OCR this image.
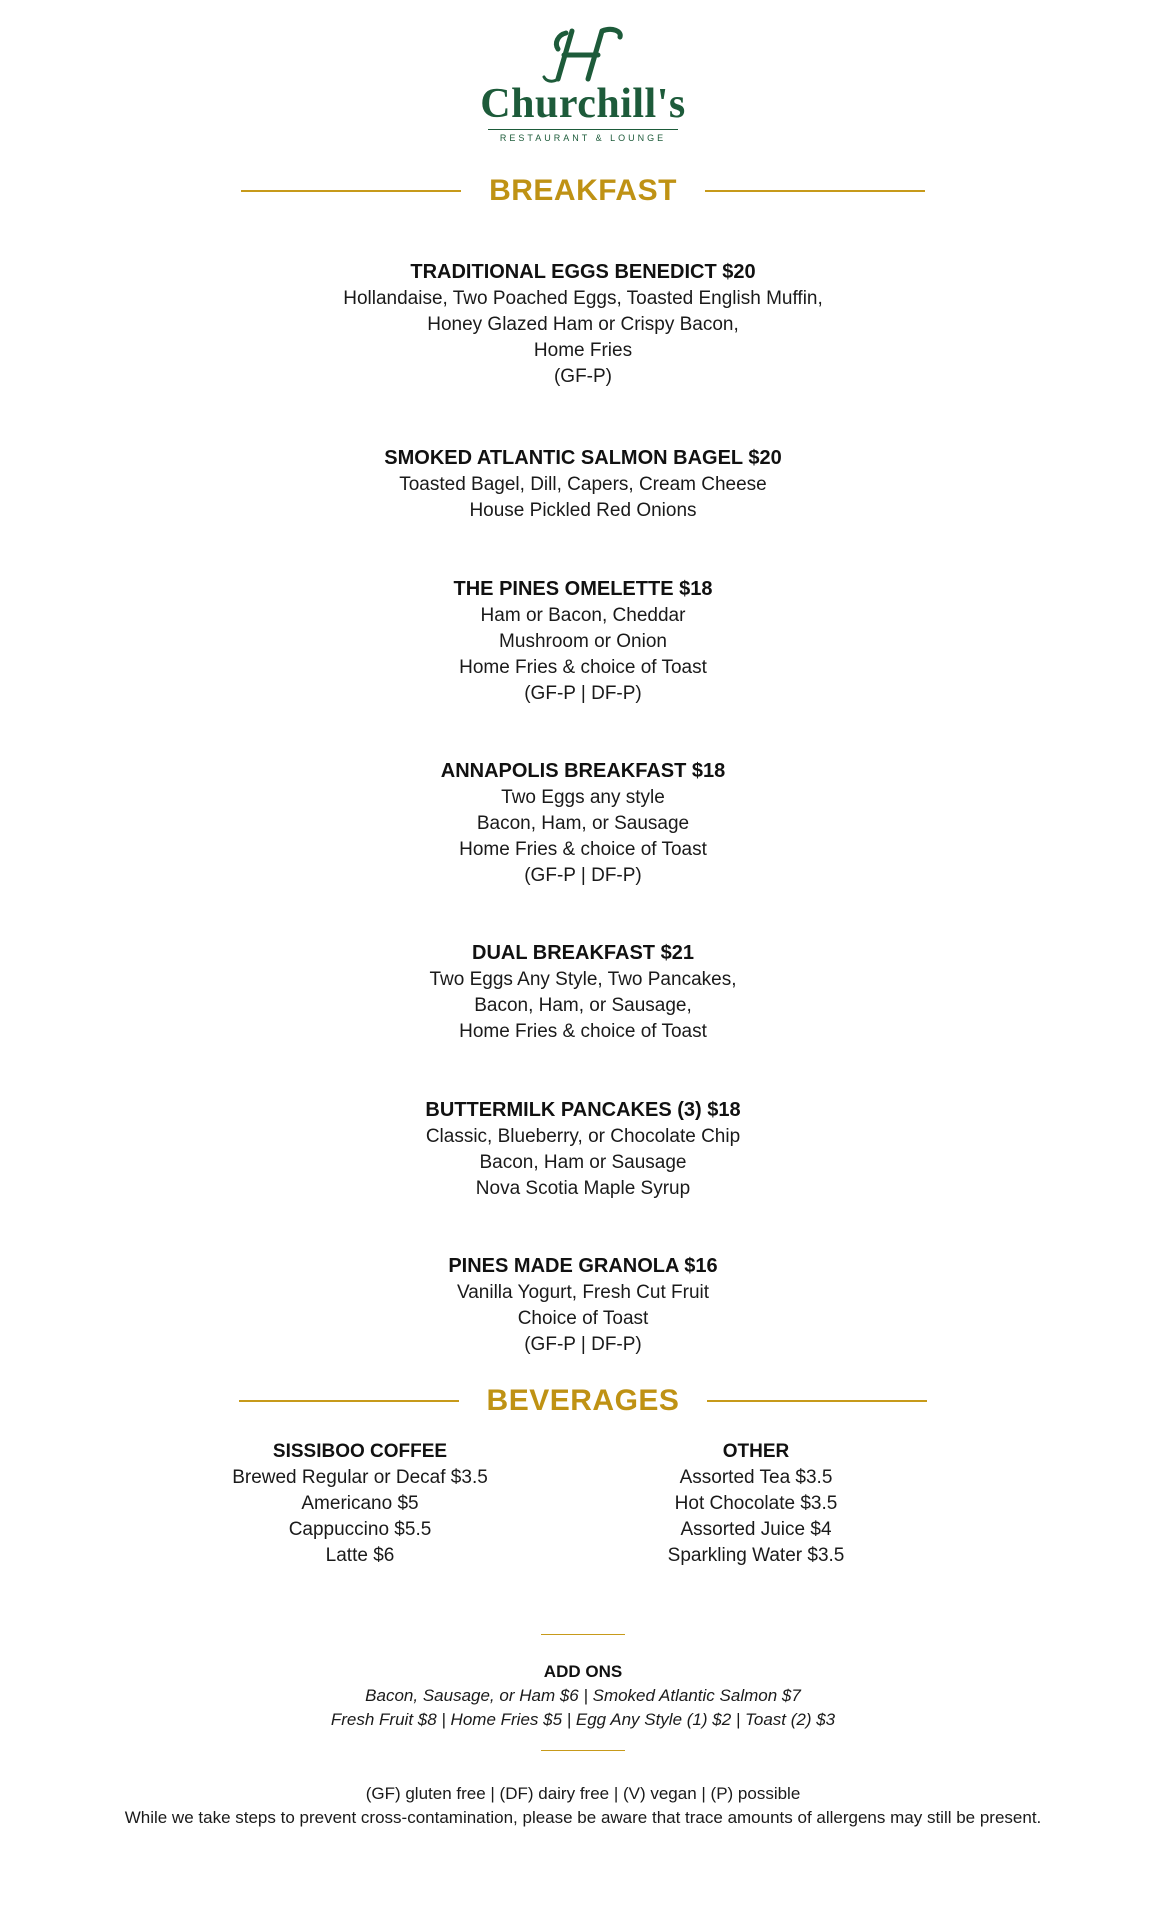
Churchill's
RESTAURANT & LOUNGE
BREAKFAST
TRADITIONAL EGGS BENEDICT $20
Hollandaise, Two Poached Eggs, Toasted English Muffin,
Honey Glazed Ham or Crispy Bacon,
Home Fries
(GF-P)
SMOKED ATLANTIC SALMON BAGEL $20
Toasted Bagel, Dill, Capers, Cream Cheese
House Pickled Red Onions
THE PINES OMELETTE $18
Ham or Bacon, Cheddar
Mushroom or Onion
Home Fries & choice of Toast
(GF-P | DF-P)
ANNAPOLIS BREAKFAST $18
Two Eggs any style
Bacon, Ham, or Sausage
Home Fries & choice of Toast
(GF-P | DF-P)
DUAL BREAKFAST $21
Two Eggs Any Style, Two Pancakes,
Bacon, Ham, or Sausage,
Home Fries & choice of Toast
BUTTERMILK PANCAKES (3) $18
Classic, Blueberry, or Chocolate Chip
Bacon, Ham or Sausage
Nova Scotia Maple Syrup
PINES MADE GRANOLA $16
Vanilla Yogurt, Fresh Cut Fruit
Choice of Toast
(GF-P | DF-P)
BEVERAGES
SISSIBOO COFFEE
Brewed Regular or Decaf $3.5
Americano $5
Cappuccino $5.5
Latte $6
OTHER
Assorted Tea $3.5
Hot Chocolate $3.5
Assorted Juice $4
Sparkling Water $3.5
ADD ONS
Bacon, Sausage, or Ham $6 | Smoked Atlantic Salmon $7
Fresh Fruit $8 | Home Fries $5 | Egg Any Style (1) $2 | Toast (2) $3
(GF) gluten free | (DF) dairy free | (V) vegan | (P) possible
While we take steps to prevent cross-contamination, please be aware that trace amounts of allergens may still be present.
